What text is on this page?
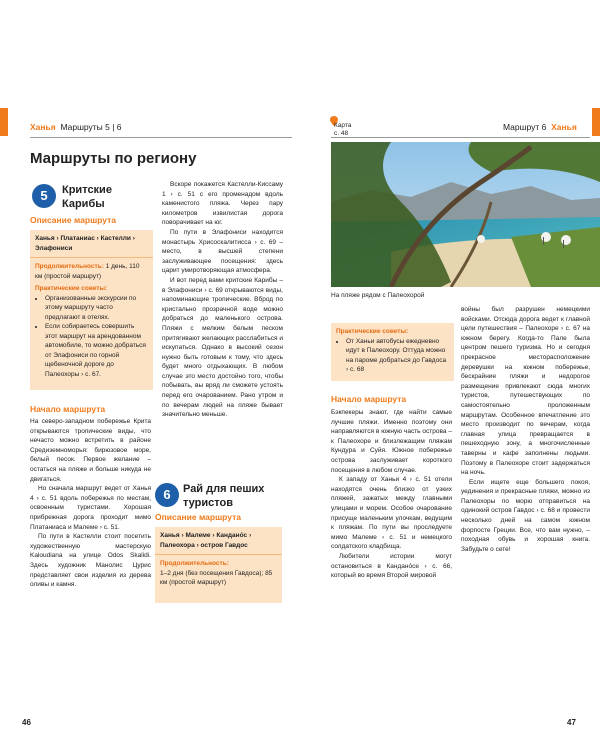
Ханья Маршруты 5 | 6
Маршруты по региону
5	Критские Карибы
Описание маршрута
Ханья › Платаниас › Кастелли › Элафониси
Продолжительность: 1 день, 110 км (простой маршрут)
Практические советы:
• Организованные экскурсии по этому маршруту часто предлагают в отелях.
• Если собираетесь совершить этот маршрут на арендованном автомобиле, то можно добраться от Элафониси по горной щебеночной дороге до Палеохоры › с. 67.
Начало маршрута

На северо-западном побережье Крита открываются тропические виды, что нечасто можно встретить в районе Средиземноморья: бирюзовое море, белый песок. Первое желание – остаться на пляже и больше никуда не двигаться.

Но сначала маршрут ведет от Ханья 4 › с. 51 вдоль побережья по местам, освоенным туристами. Хорошая прибрежная дорога проходит мимо Платаниаса и Малеме › с. 51.

По пути в Кастелли стоит посетить художественную мастерскую Kaloudiana на улице Odos Skalidi. Здесь художник Манолис Цурис представляет свои изделия из дерева оливы и камня.

Вскоре покажется Кастелли-Киссаму 1 › с. 51 с его променадом вдоль каменистого пляжа. Через пару километров извилистая дорога поворачивает на юг.

По пути в Элафониси находится монастырь Хрисоскалитисса › с. 69 – место, в высшей степени заслуживающее посещения: здесь царит умиротворяющая атмосфера.

И вот перед вами критские Карибы – в Элафониси › с. 69 открываются виды, напоминающие тропические. Вброд по кристально прозрачной воде можно добраться до маленького острова. Пляжи с мелким белым песком притягивают желающих расслабиться и искупаться. Однако в высокий сезон нужно быть готовым к тому, что здесь будет много отдыхающих. В любом случае это место достойно того, чтобы побывать, вы вряд ли сможете устоять перед его очарованием. Рано утром и по вечерам людей на пляже бывает значительно меньше.

6	Рай для пеших туристов
Описание маршрута
Ханья › Малеме › Кандано́с › Палеохора › остров Гавдос
Продолжительность:
1–2 дня (без посещения Гавдоса); 85 км (простой маршрут)
46
Карта
с. 48
Маршрут 6 Ханья
На пляже рядом с Палеохорой
Практические советы:
• От Ханьи автобусы ежедневно идут в Палеохору. Оттуда можно на пароме добраться до Гавдоса › с. 68
Начало маршрута

Бэкпекеры знают, где найти самые лучшие пляжи. Именно поэтому они направляются в южную часть острова – к Палеохоре и близлежащим пляжам Кундура и Суйя. Южное побережье острова заслуживает короткого посещения в любом случае.

К западу от Ханьи 4 › с. 51 отели находятся очень близко от узких пляжей, зажатых между главными улицами и морем. Особое очарование присуще маленьким улочкам, ведущим к пляжам. По пути вы проследуете мимо Малеме › с. 51 и немецкого солдатского кладбища.

Любители истории могут остановиться в Кандано́се › с. 66, который во время Второй мировой

войны был разрушен немецкими войсками. Отсюда дорога ведет к главной цели путешествия – Палеохоре › с. 67 на южном берегу. Когда-то Пале была центром пешего туризма. Но и сегодня прекрасное месторасположение деревушки на южном побережье, бескрайние пляжи и недорогое размещение привлекают сюда многих туристов, путешествующих по самостоятельно проложенным маршрутам. Особенное впечатление это место производит по вечерам, когда главная улица превращается в пешеходную зону, а многочисленные таверны и кафе заполнены людьми. Поэтому в Палеохоре стоит задержаться на ночь.

Если ищете еще большего покоя, уединения и прекрасные пляжи, можно из Палеохоры по морю отправиться на одинокий остров Гавдос › с. 68 и провести несколько дней на самом южном форпосте Греции. Все, что вам нужно, – походная обувь и хорошая книга. Забудьте о сете!

47
